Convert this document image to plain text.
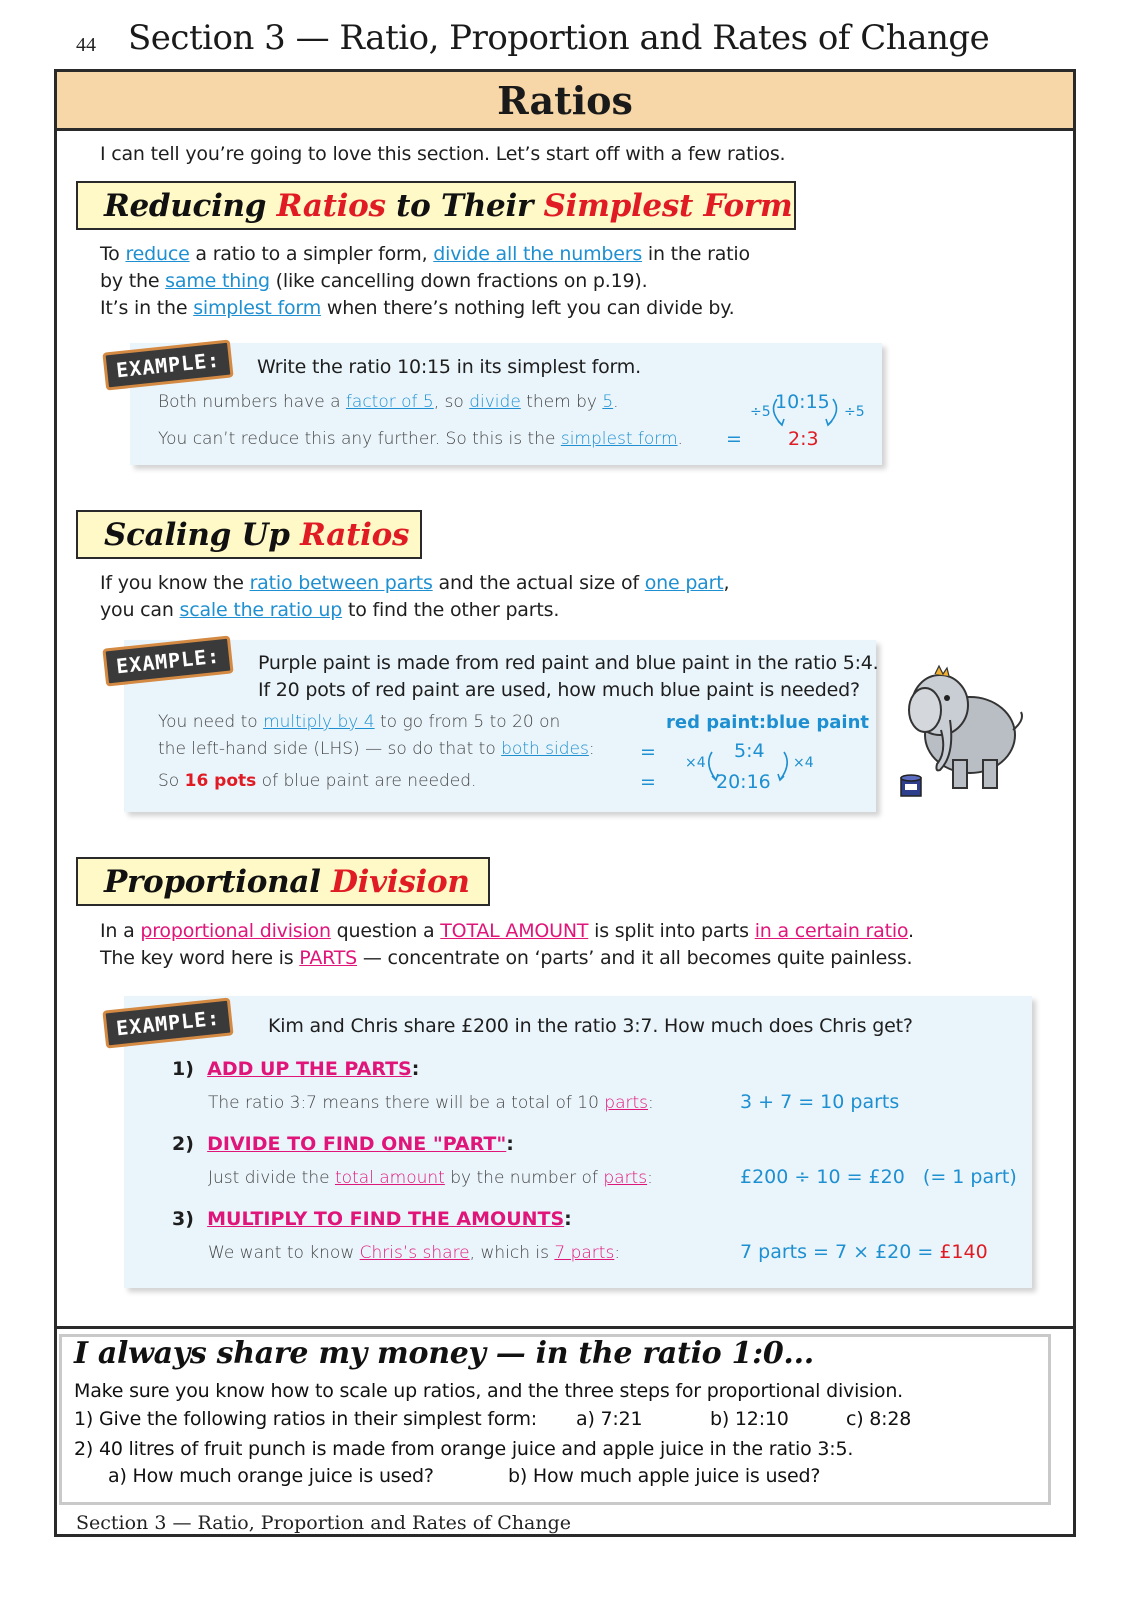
44 Section 3 — Ratio, Proportion and Rates of Change
Ratios
I can tell you’re going to love this section. Let’s start off with a few ratios.
Reducing Ratios to Their Simplest Form
To reduce a ratio to a simpler form, divide all the numbers in the ratio
by the same thing (like cancelling down fractions on p.19).
It’s in the simplest form when there’s nothing left you can divide by.
EXAMPLE:	Write the ratio 10:15 in its simplest form.
Both numbers have a factor of 5, so divide them by 5.
You can’t reduce this any further. So this is the simplest form.
÷5 10:15 ÷5
= 2:3
Scaling Up Ratios
If you know the ratio between parts and the actual size of one part,
you can scale the ratio up to find the other parts.
EXAMPLE:	Purple paint is made from red paint and blue paint in the ratio 5:4.
If 20 pots of red paint are used, how much blue paint is needed?
You need to multiply by 4 to go from 5 to 20 on
the left-hand side (LHS) — so do that to both sides:
So 16 pots of blue paint are needed.
red paint:blue paint
=
=
5:4
20:16
×4	×4
Proportional Division
In a proportional division question a TOTAL AMOUNT is split into parts in a certain ratio.
The key word here is PARTS — concentrate on ‘parts’ and it all becomes quite painless.
EXAMPLE:	Kim and Chris share £200 in the ratio 3:7. How much does Chris get?
1) ADD UP THE PARTS:
The ratio 3:7 means there will be a total of 10 parts:	3 + 7 = 10 parts
2) DIVIDE TO FIND ONE "PART":
Just divide the total amount by the number of parts:	£200 ÷ 10 = £20 (= 1 part)
3) MULTIPLY TO FIND THE AMOUNTS:
We want to know Chris’s share, which is 7 parts:	7 parts = 7 × £20 = £140
I always share my money — in the ratio 1:0...
Make sure you know how to scale up ratios, and the three steps for proportional division.
1) Give the following ratios in their simplest form: a) 7:21	b) 12:10	c) 8:28
2) 40 litres of fruit punch is made from orange juice and apple juice in the ratio 3:5.
a) How much orange juice is used?	b) How much apple juice is used?
Section 3 — Ratio, Proportion and Rates of Change
